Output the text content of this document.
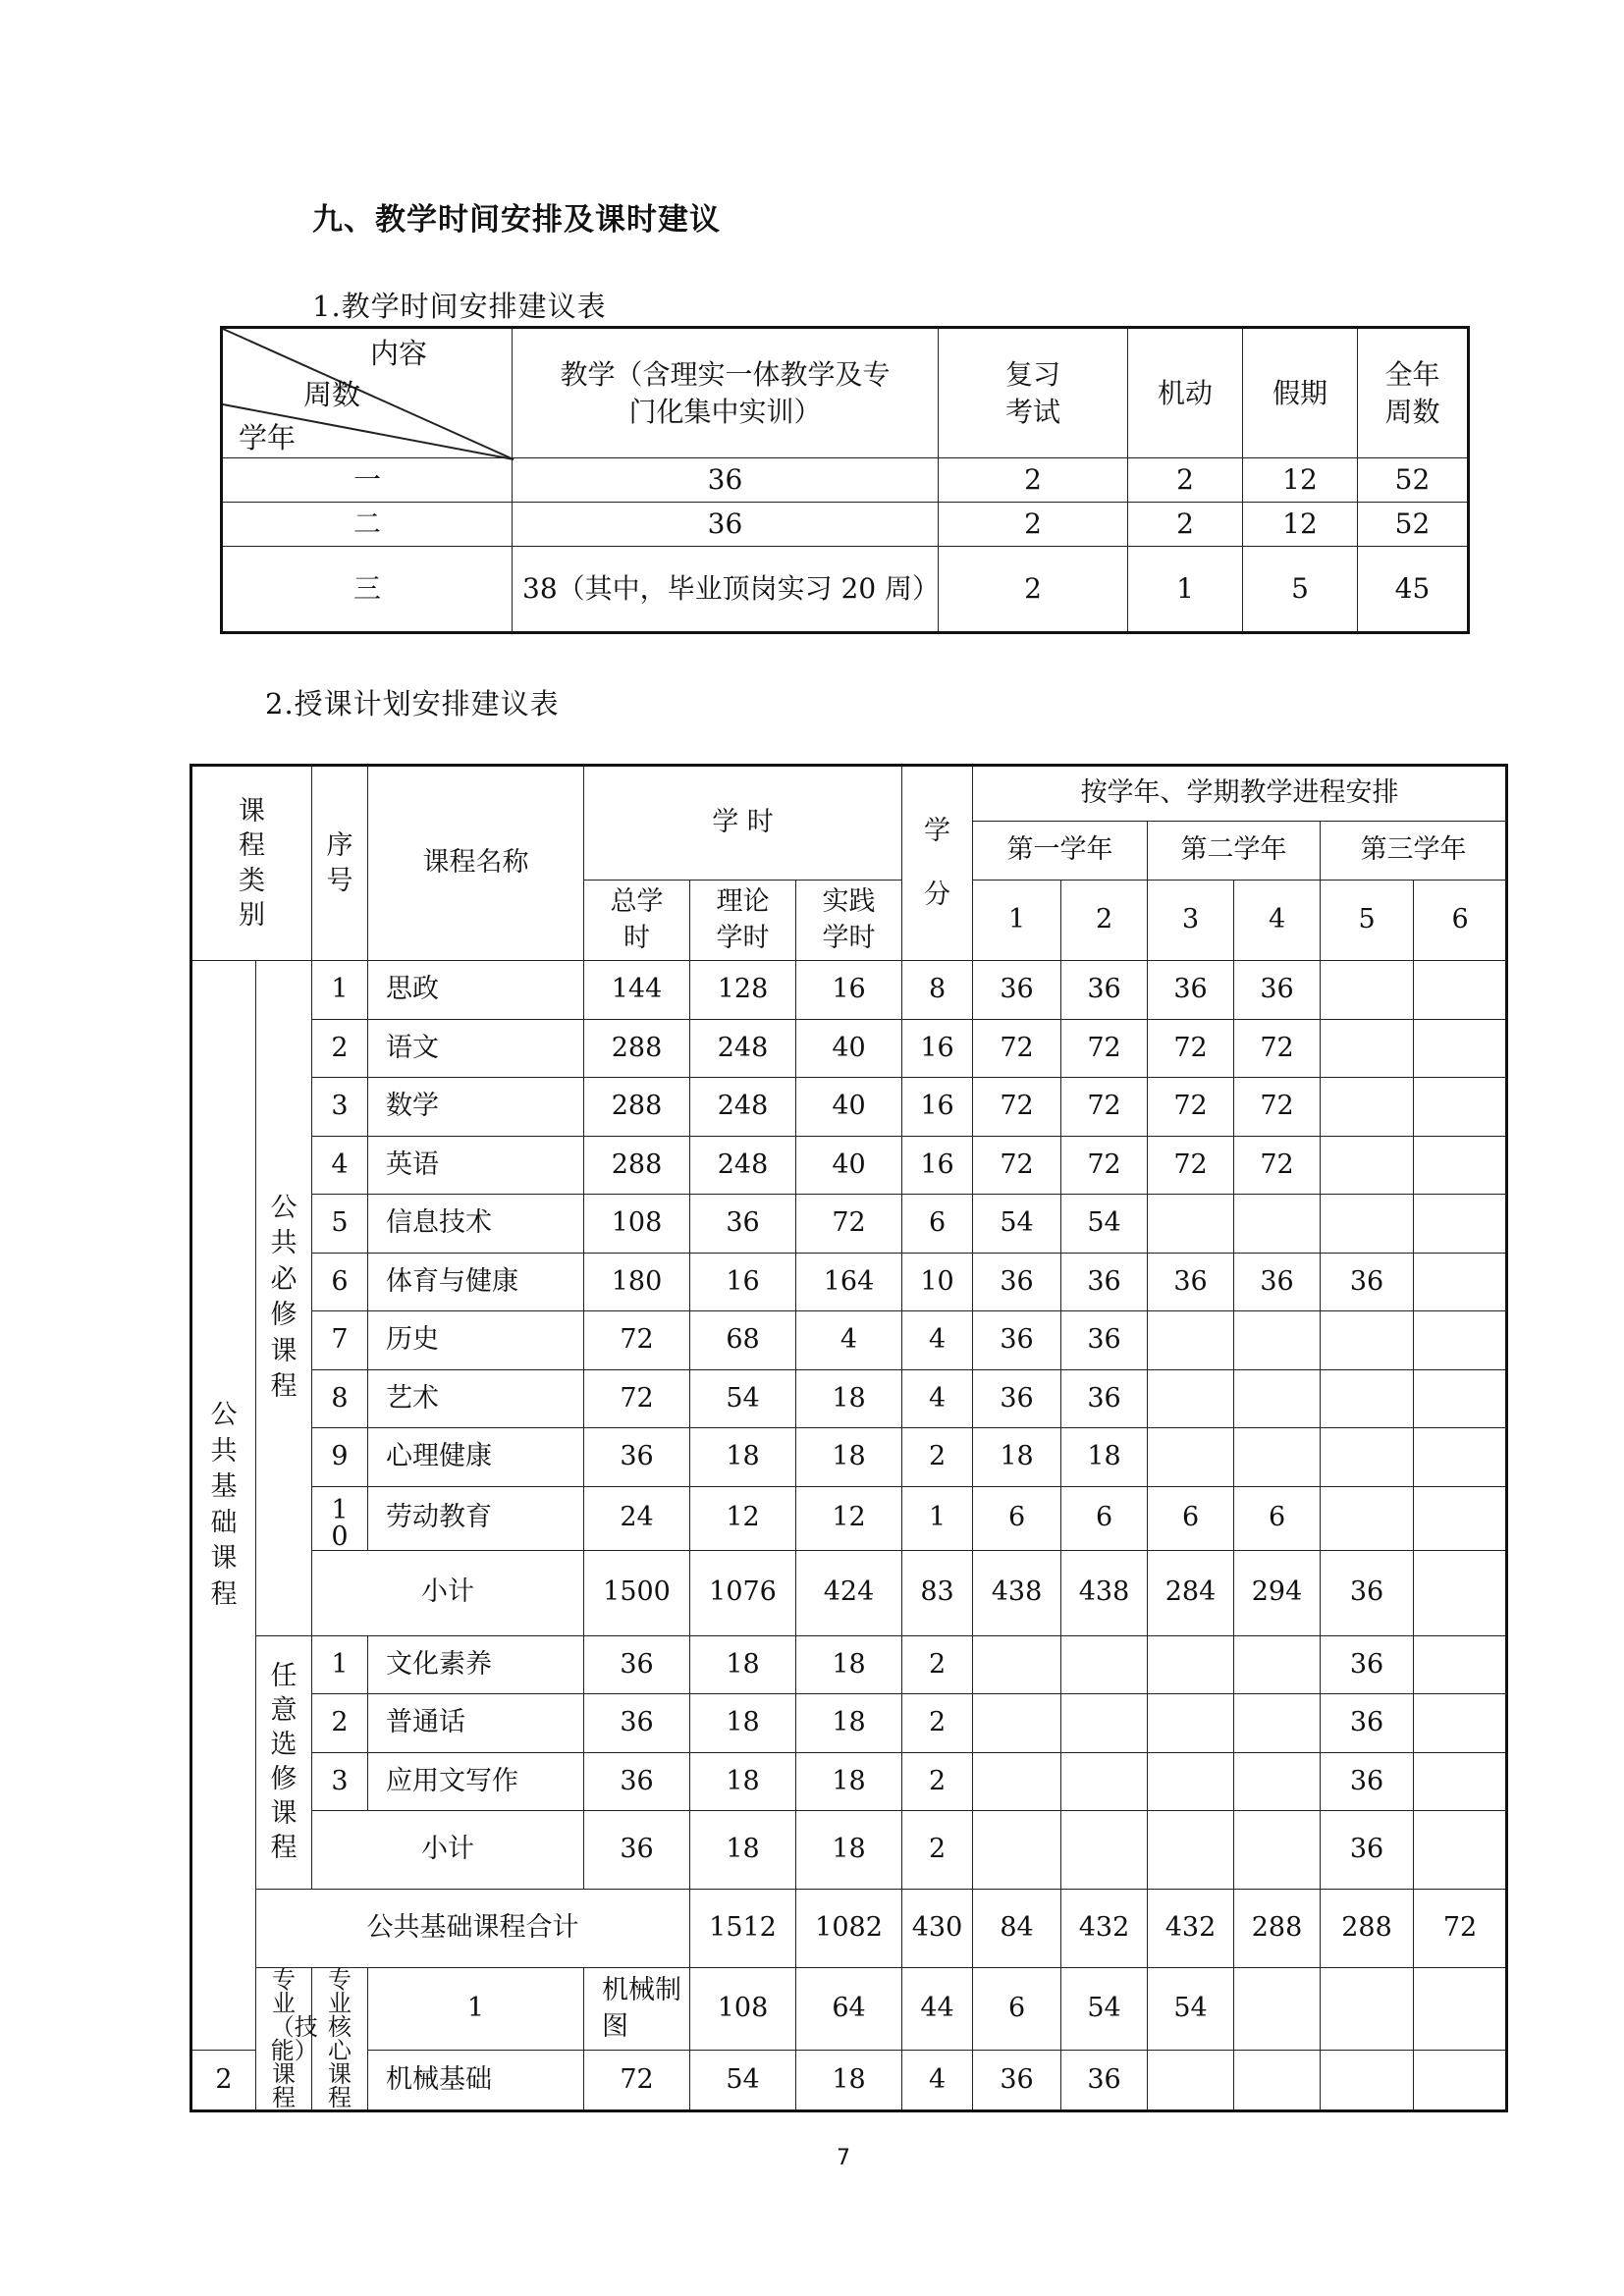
九、教学时间安排及课时建议
1.教学时间安排建议表
内容
周数
学年	教学（含理实一体教学及专门化集中实训）	复习考试	机动	假期	全年周数
一	36	2	2	12	52
二	36	2	2	12	52
三	38（其中，毕业顶岗实习 20 周）	2	1	5	45
2.授课计划安排建议表
课程类别		序号	课程名称	学 时			学分	按学年、学期教学进程安排						
								第一学年		第二学年		第三学年		
				总学时	理论学时	实践学时		1	2	3	4	5	6	

公共基础课程	公共必修课程	1	思政	144	128	16	8	36	36	36	36			
		2	语文	288	248	40	16	72	72	72	72			
		3	数学	288	248	40	16	72	72	72	72			
		4	英语	288	248	40	16	72	72	72	72			
		5	信息技术	108	36	72	6	54	54					
		6	体育与健康	180	16	164	10	36	36	36	36	36		
		7	历史	72	68	4	4	36	36					
		8	艺术	72	54	18	4	36	36					
		9	心理健康	36	18	18	2	18	18					
		10	劳动教育	24	12	12	1	6	6	6	6			
		小计		1500	1076	424	83	438	438	284	294	36		

	任意选修课程	1	文化素养	36	18	18	2					36		
		2	普通话	36	18	18	2					36		
		3	应用文写作	36	18	18	2					36		
		小计		36	18	18	2					36		
	公共基础课程合计				1512	1082	430	84	432	432	288	288	72	

	专业（技能）课程	专业核心课程	1	机械制图	108	64	44	6	54	54				
2			机械基础	72	54	18	4	36	36					
7
